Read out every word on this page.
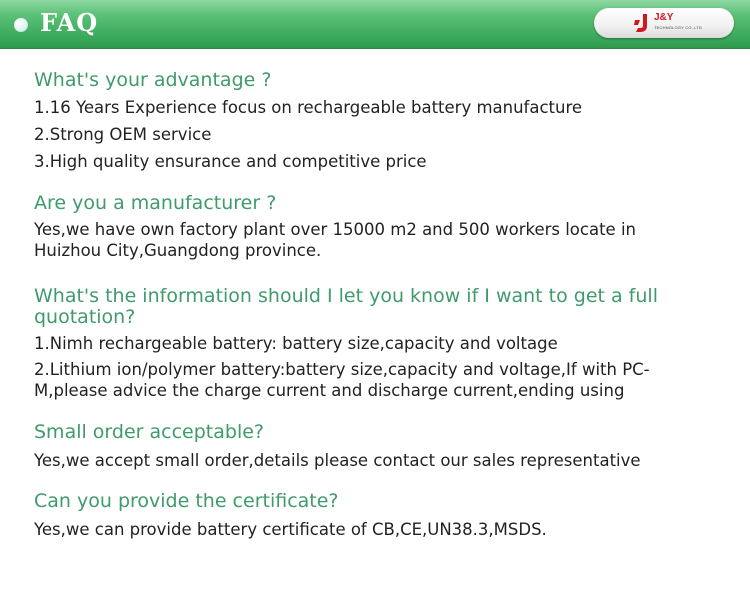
FAQ	J&Y
TECHNOLOGY CO.,LTD

What's your advantage ?

1.16 Years Experience focus on rechargeable battery manufacture

2.Strong OEM service

3.High quality ensurance and competitive price

Are you a manufacturer ?

Yes,we have own factory plant over 15000 m2 and 500 workers locate in Huizhou City,Guangdong province.

What's the information should I let you know if I want to get a full quotation?

1.Nimh rechargeable battery: battery size,capacity and voltage

2.Lithium ion/polymer battery:battery size,capacity and voltage,If with PC-M,please advice the charge current and discharge current,ending using

Small order acceptable?

Yes,we accept small order,details please contact our sales representative

Can you provide the certificate?

Yes,we can provide battery certificate of CB,CE,UN38.3,MSDS.
